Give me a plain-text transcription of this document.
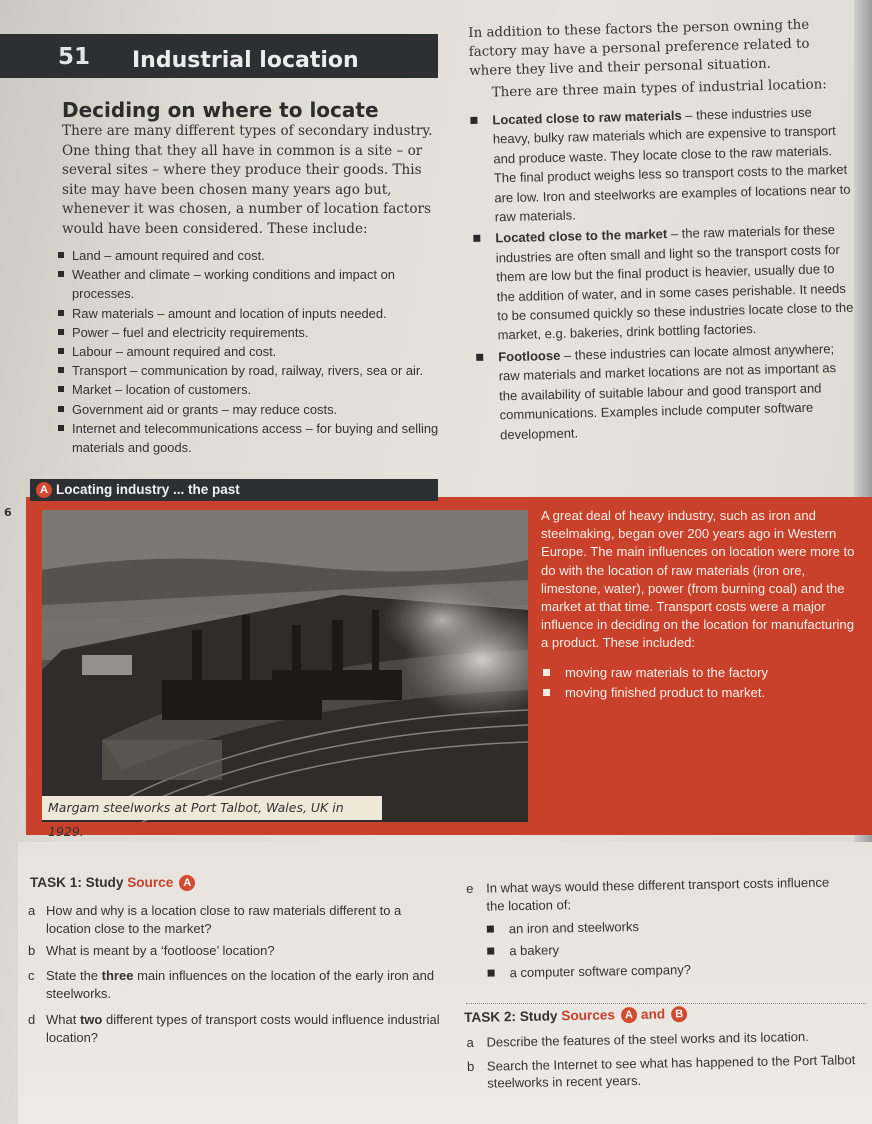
51 Industrial location
Deciding on where to locate
There are many different types of secondary industry. One thing that they all have in common is a site – or several sites – where they produce their goods. This site may have been chosen many years ago but, whenever it was chosen, a number of location factors would have been considered. These include:
Land – amount required and cost.
Weather and climate – working conditions and impact on processes.
Raw materials – amount and location of inputs needed.
Power – fuel and electricity requirements.
Labour – amount required and cost.
Transport – communication by road, railway, rivers, sea or air.
Market – location of customers.
Government aid or grants – may reduce costs.
Internet and telecommunications access – for buying and selling materials and goods.
In addition to these factors the person owning the factory may have a personal preference related to where they live and their personal situation.
There are three main types of industrial location:
Located close to raw materials – these industries use heavy, bulky raw materials which are expensive to transport and produce waste. They locate close to the raw materials. The final product weighs less so transport costs to the market are low. Iron and steelworks are examples of locations near to raw materials.
Located close to the market – the raw materials for these industries are often small and light so the transport costs for them are low but the final product is heavier, usually due to the addition of water, and in some cases perishable. It needs to be consumed quickly so these industries locate close to the market, e.g. bakeries, drink bottling factories.
Footloose – these industries can locate almost anywhere; raw materials and market locations are not as important as the availability of suitable labour and good transport and communications. Examples include computer software development.
6
A Locating industry ... the past
Margam steelworks at Port Talbot, Wales, UK in 1929.
A great deal of heavy industry, such as iron and steelmaking, began over 200 years ago in Western Europe. The main influences on location were more to do with the location of raw materials (iron ore, limestone, water), power (from burning coal) and the market at that time. Transport costs were a major influence in deciding on the location for manufacturing a product. These included:
moving raw materials to the factory
moving finished product to market.
TASK 1: Study Source A
a How and why is a location close to raw materials different to a location close to the market?
b What is meant by a ‘footloose’ location?
c State the three main influences on the location of the early iron and steelworks.
d What two different types of transport costs would influence industrial location?
e In what ways would these different transport costs influence the location of:
an iron and steelworks
a bakery
a computer software company?
TASK 2: Study Sources A and B
a Describe the features of the steel works and its location.
b Search the Internet to see what has happened to the Port Talbot steelworks in recent years.
